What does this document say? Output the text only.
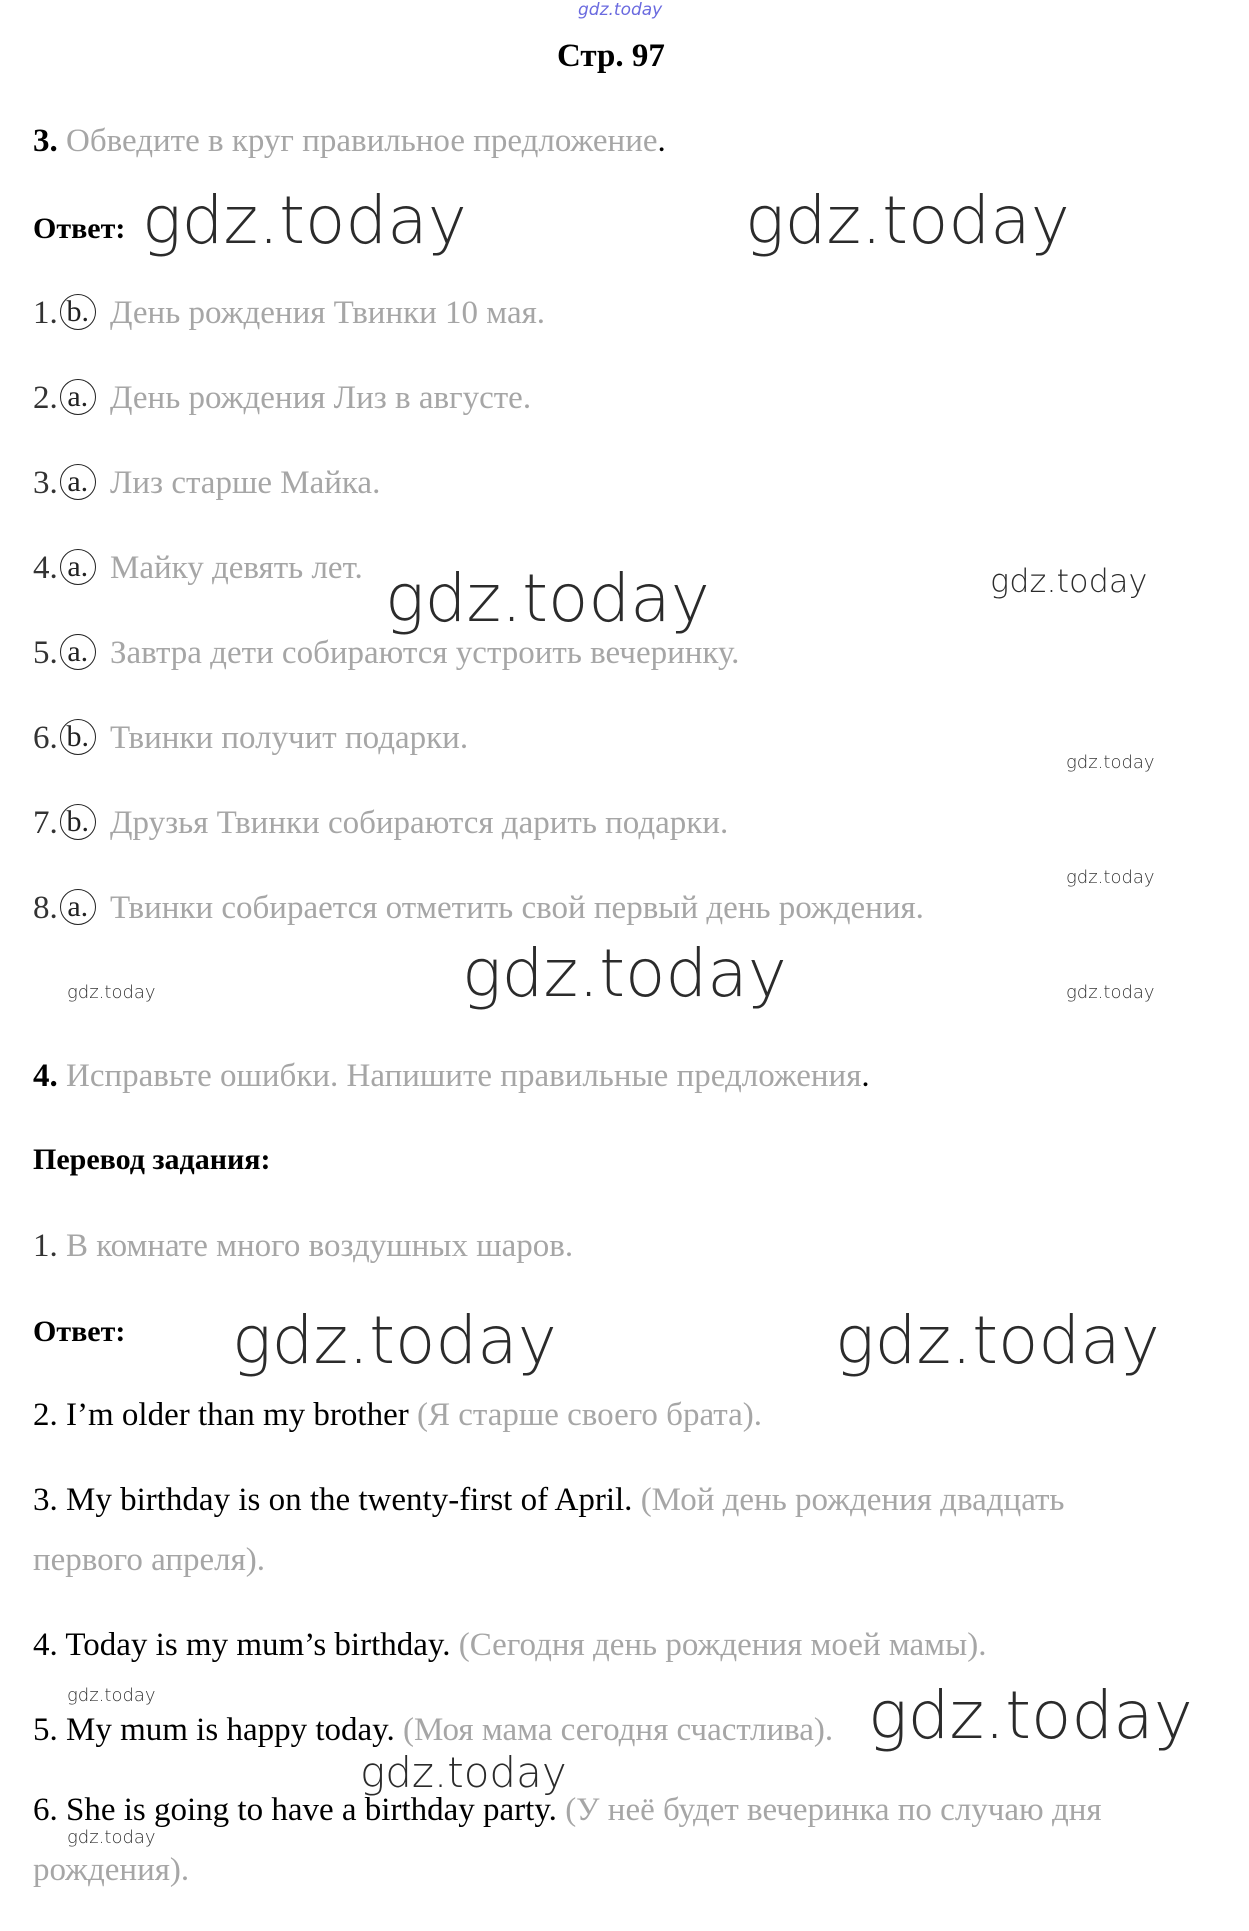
gdz.today
Стр. 97
3. Обведите в круг правильное предложение.
Ответ: gdz.today	gdz.today
1. b. День рождения Твинки 10 мая.
2. a. День рождения Лиз в августе.
3. a. Лиз старше Майка.
4. a. Майку девять лет. gdz.today	gdz.today
5. a. Завтра дети собираются устроить вечеринку.
6. b. Твинки получит подарки.
gdz.today
7. b. Друзья Твинки собираются дарить подарки.
gdz.today
8. a. Твинки собирается отметить свой первый день рождения.
gdz.today
gdz.today	gdz.today
4. Исправьте ошибки. Напишите правильные предложения.
Перевод задания:
1. В комнате много воздушных шаров.
Ответ: gdz.today	gdz.today
2. I’m older than my brother (Я старше своего брата).
3. My birthday is on the twenty-first of April. (Мой день рождения двадцать
первого апреля).
4. Today is my mum’s birthday. (Сегодня день рождения моей мамы).
gdz.today
5. My mum is happy today. (Моя мама сегодня счастлива). gdz.today
gdz.today
6. She is going to have a birthday party. (У неё будет вечеринка по случаю дня
gdz.today
рождения).
